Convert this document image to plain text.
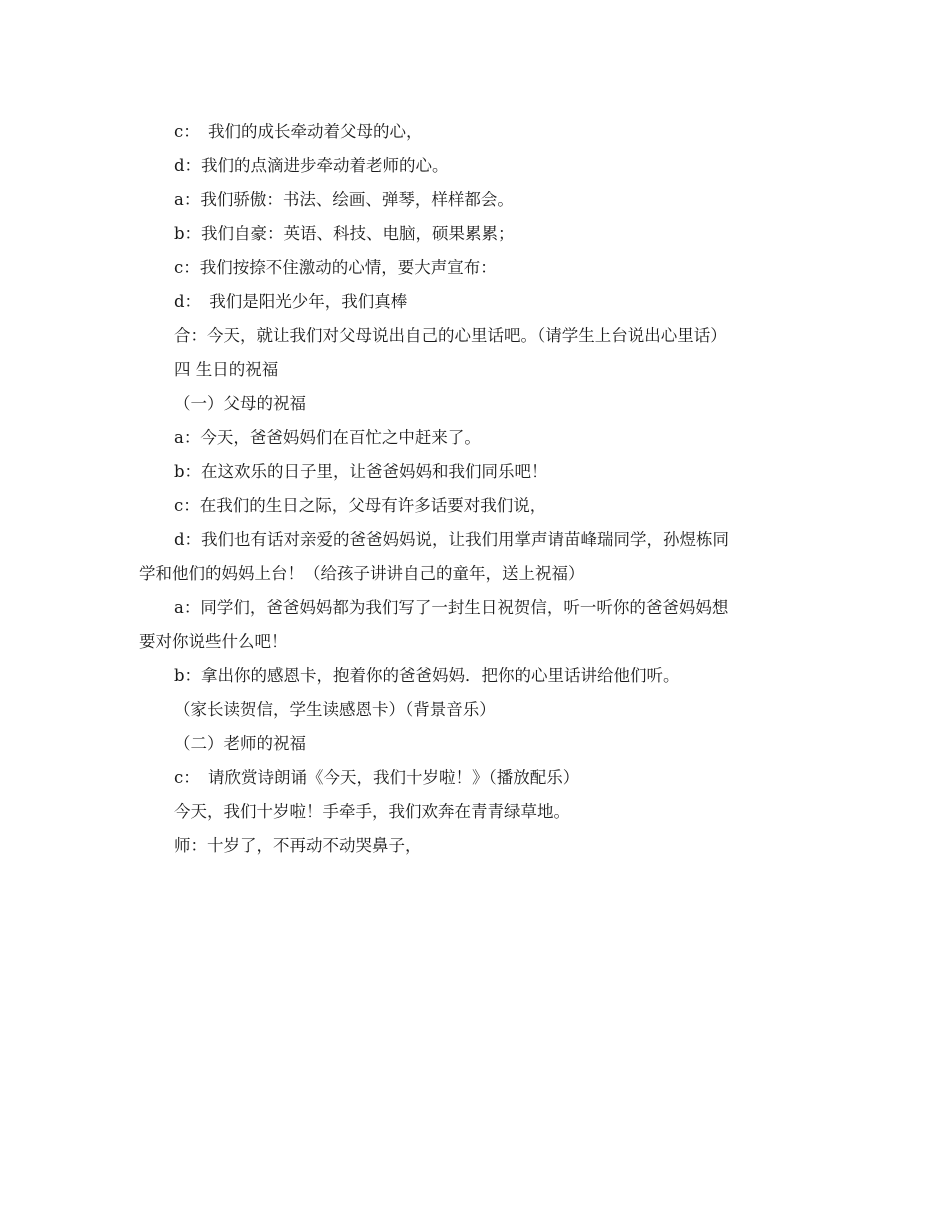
c：　我们的成长牵动着父母的心，
d：我们的点滴进步牵动着老师的心。
a：我们骄傲：书法、绘画、弹琴，样样都会。
b：我们自豪：英语、科技、电脑，硕果累累；
c：我们按捺不住激动的心情，要大声宣布：
d：　我们是阳光少年，我们真棒
合：今天，就让我们对父母说出自己的心里话吧。（请学生上台说出心里话）
四 生日的祝福
（一）父母的祝福
a：今天，爸爸妈妈们在百忙之中赶来了。
b：在这欢乐的日子里，让爸爸妈妈和我们同乐吧！
c：在我们的生日之际，父母有许多话要对我们说，
d：我们也有话对亲爱的爸爸妈妈说，让我们用掌声请苗峰瑞同学，孙煜栋同
学和他们的妈妈上台！（给孩子讲讲自己的童年，送上祝福）
a：同学们，爸爸妈妈都为我们写了一封生日祝贺信，听一听你的爸爸妈妈想
要对你说些什么吧！
b：拿出你的感恩卡，抱着你的爸爸妈妈．把你的心里话讲给他们听。
（家长读贺信，学生读感恩卡）（背景音乐）
（二）老师的祝福
c：　请欣赏诗朗诵《今天，我们十岁啦！》（播放配乐）
今天，我们十岁啦！手牵手，我们欢奔在青青绿草地。
师：十岁了，不再动不动哭鼻子，
